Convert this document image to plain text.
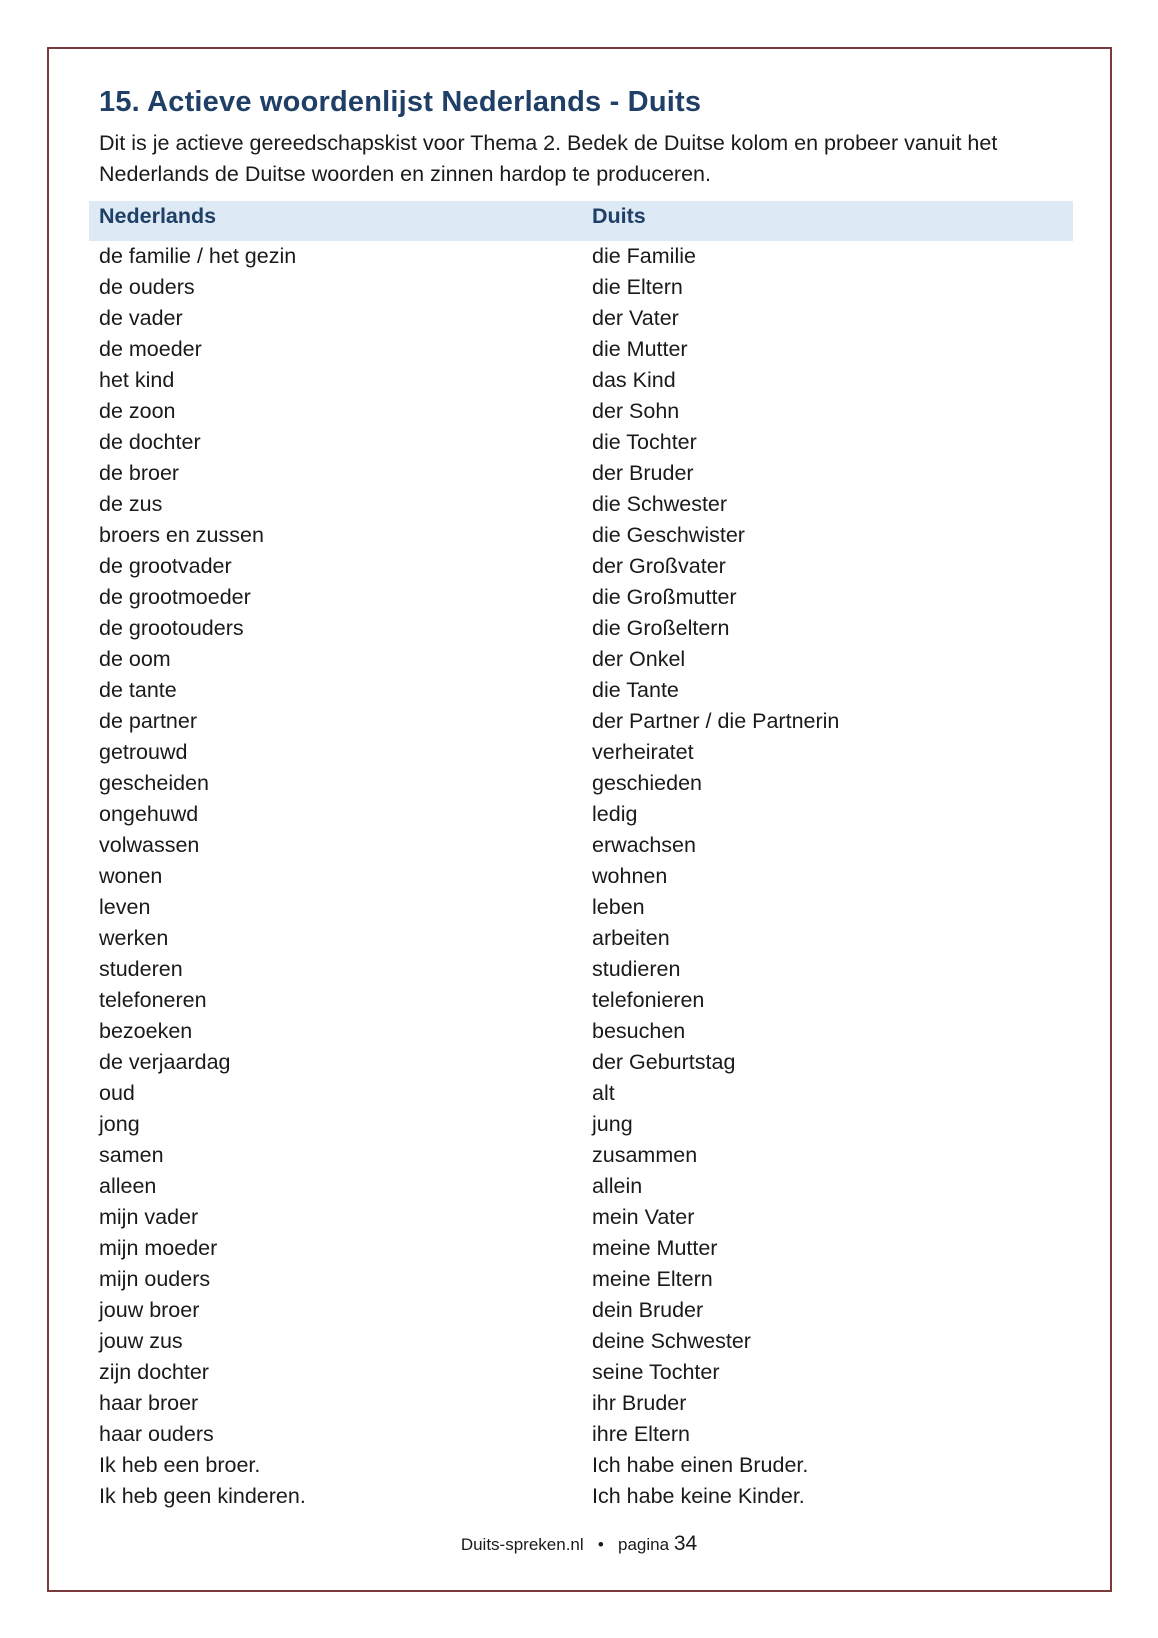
15. Actieve woordenlijst Nederlands - Duits

Dit is je actieve gereedschapskist voor Thema 2. Bedek de Duitse kolom en probeer vanuit het Nederlands de Duitse woorden en zinnen hardop te produceren.

Nederlands	Duits
de familie / het gezin	die Familie
de ouders	die Eltern
de vader	der Vater
de moeder	die Mutter
het kind	das Kind
de zoon	der Sohn
de dochter	die Tochter
de broer	der Bruder
de zus	die Schwester
broers en zussen	die Geschwister
de grootvader	der Großvater
de grootmoeder	die Großmutter
de grootouders	die Großeltern
de oom	der Onkel
de tante	die Tante
de partner	der Partner / die Partnerin
getrouwd	verheiratet
gescheiden	geschieden
ongehuwd	ledig
volwassen	erwachsen
wonen	wohnen
leven	leben
werken	arbeiten
studeren	studieren
telefoneren	telefonieren
bezoeken	besuchen
de verjaardag	der Geburtstag
oud	alt
jong	jung
samen	zusammen
alleen	allein
mijn vader	mein Vater
mijn moeder	meine Mutter
mijn ouders	meine Eltern
jouw broer	dein Bruder
jouw zus	deine Schwester
zijn dochter	seine Tochter
haar broer	ihr Bruder
haar ouders	ihre Eltern
Ik heb een broer.	Ich habe einen Bruder.
Ik heb geen kinderen.	Ich habe keine Kinder.
Duits-spreken.nl • pagina 34
